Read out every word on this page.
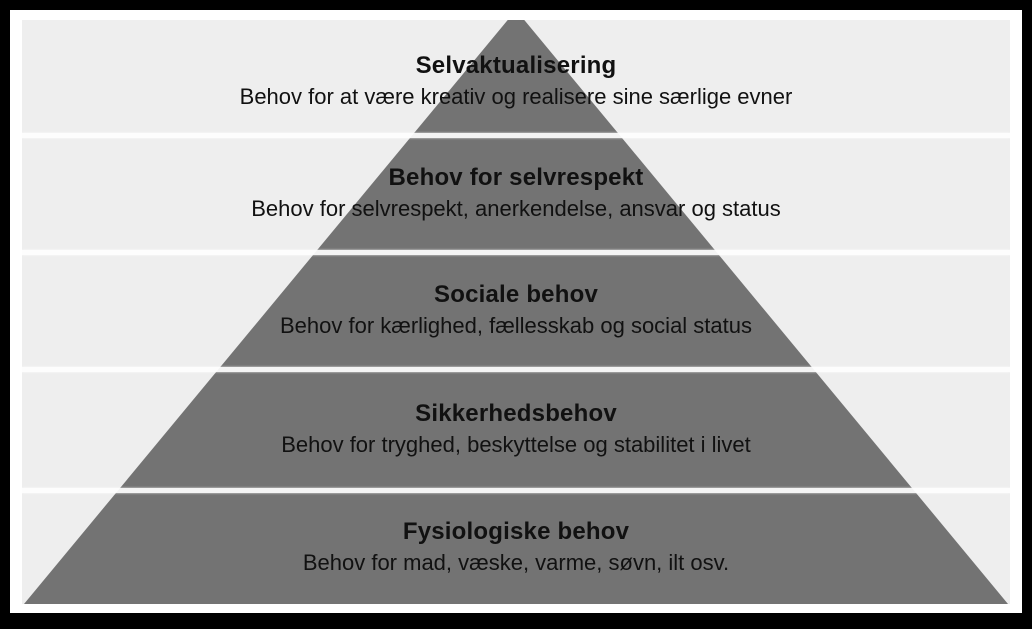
Selvaktualisering
Behov for at være kreativ og realisere sine særlige evner
Behov for selvrespekt
Behov for selvrespekt, anerkendelse, ansvar og status
Sociale behov
Behov for kærlighed, fællesskab og social status
Sikkerhedsbehov
Behov for tryghed, beskyttelse og stabilitet i livet
Fysiologiske behov
Behov for mad, væske, varme, søvn, ilt osv.
